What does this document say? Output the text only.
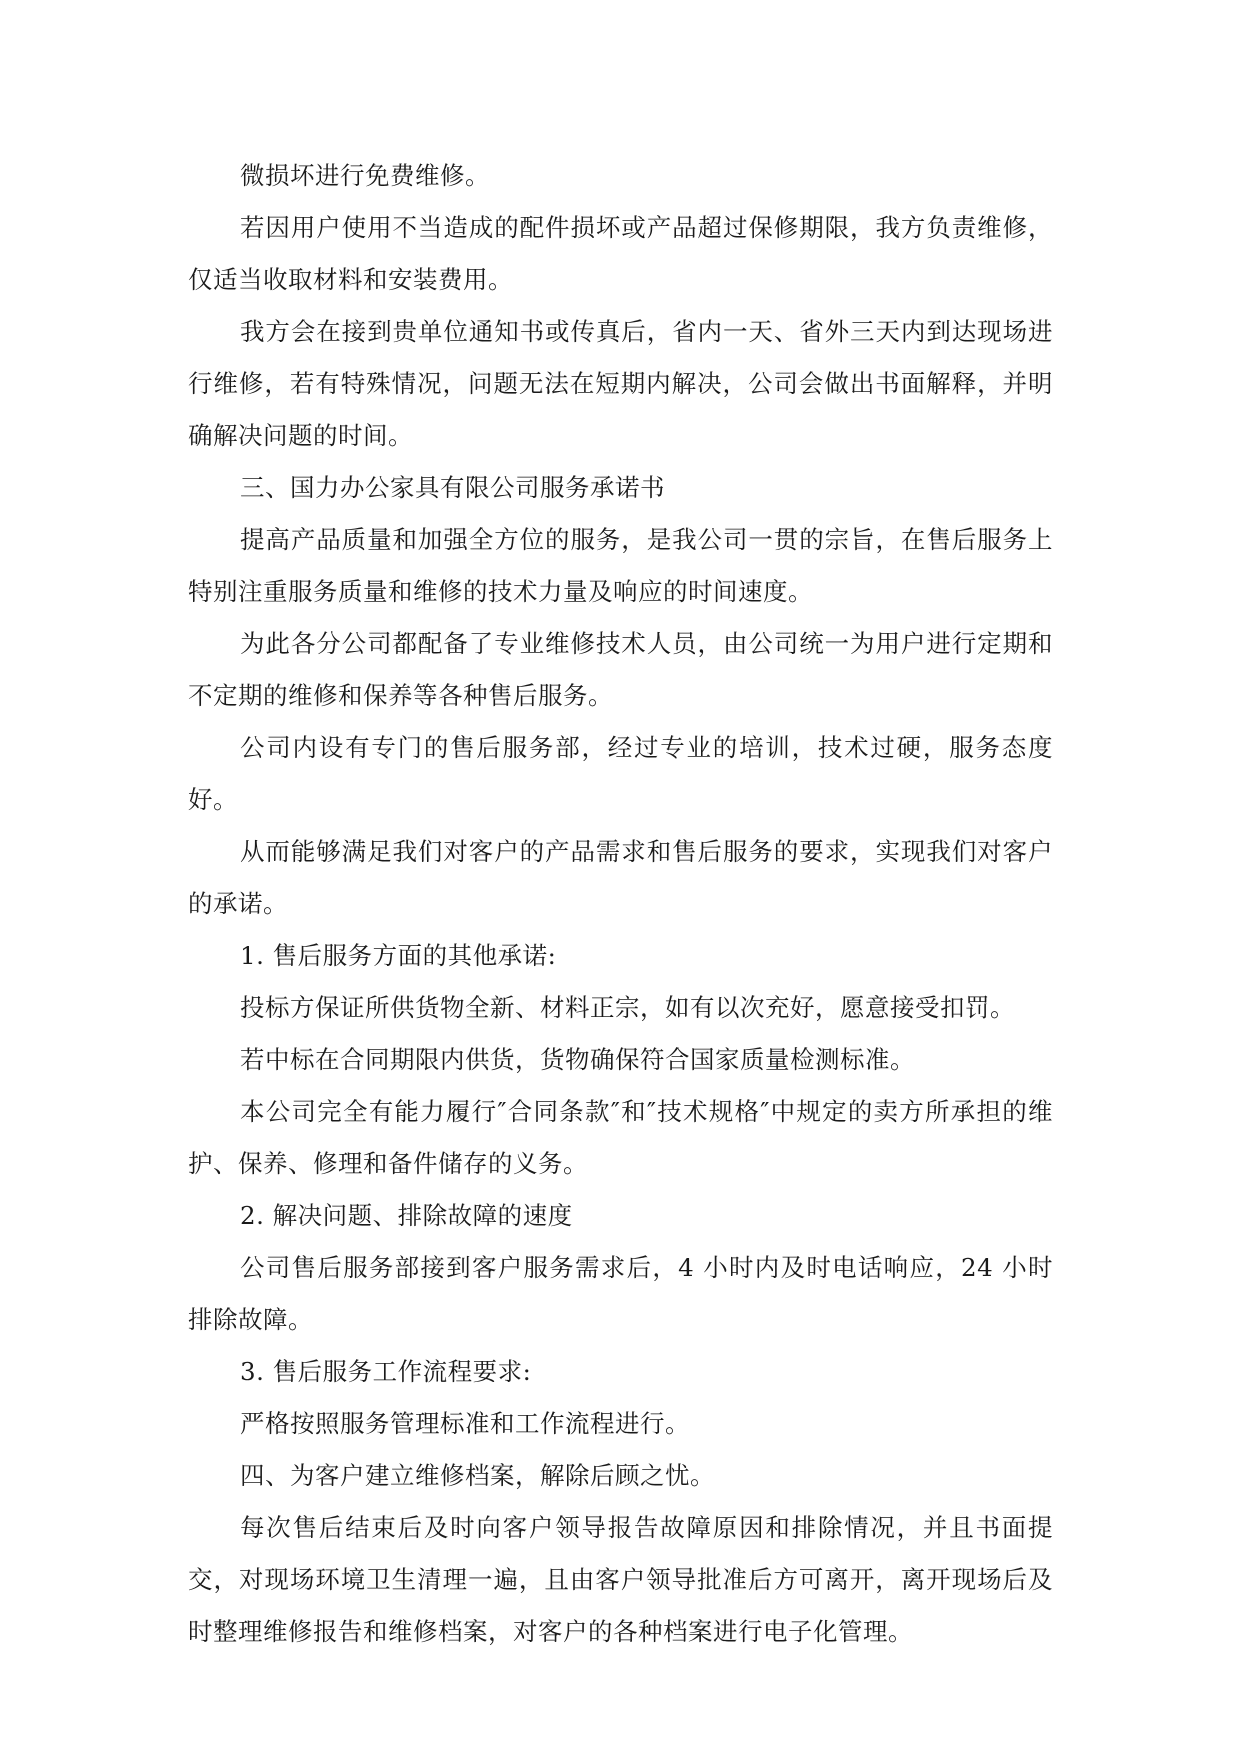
微损坏进行免费维修。

若因用户使用不当造成的配件损坏或产品超过保修期限，我方负责维修，仅适当收取材料和安装费用。

我方会在接到贵单位通知书或传真后，省内一天、省外三天内到达现场进行维修，若有特殊情况，问题无法在短期内解决，公司会做出书面解释，并明确解决问题的时间。

三、国力办公家具有限公司服务承诺书

提高产品质量和加强全方位的服务，是我公司一贯的宗旨，在售后服务上特别注重服务质量和维修的技术力量及响应的时间速度。

为此各分公司都配备了专业维修技术人员，由公司统一为用户进行定期和不定期的维修和保养等各种售后服务。

公司内设有专门的售后服务部，经过专业的培训，技术过硬，服务态度好。

从而能够满足我们对客户的产品需求和售后服务的要求，实现我们对客户的承诺。

1. 售后服务方面的其他承诺:

投标方保证所供货物全新、材料正宗，如有以次充好，愿意接受扣罚。

若中标在合同期限内供货，货物确保符合国家质量检测标准。

本公司完全有能力履行″合同条款″和″技术规格″中规定的卖方所承担的维护、保养、修理和备件储存的义务。

2. 解决问题、排除故障的速度

公司售后服务部接到客户服务需求后，4 小时内及时电话响应，24 小时排除故障。

3. 售后服务工作流程要求:

严格按照服务管理标准和工作流程进行。

四、为客户建立维修档案，解除后顾之忧。

每次售后结束后及时向客户领导报告故障原因和排除情况，并且书面提交，对现场环境卫生清理一遍，且由客户领导批准后方可离开，离开现场后及时整理维修报告和维修档案，对客户的各种档案进行电子化管理。
